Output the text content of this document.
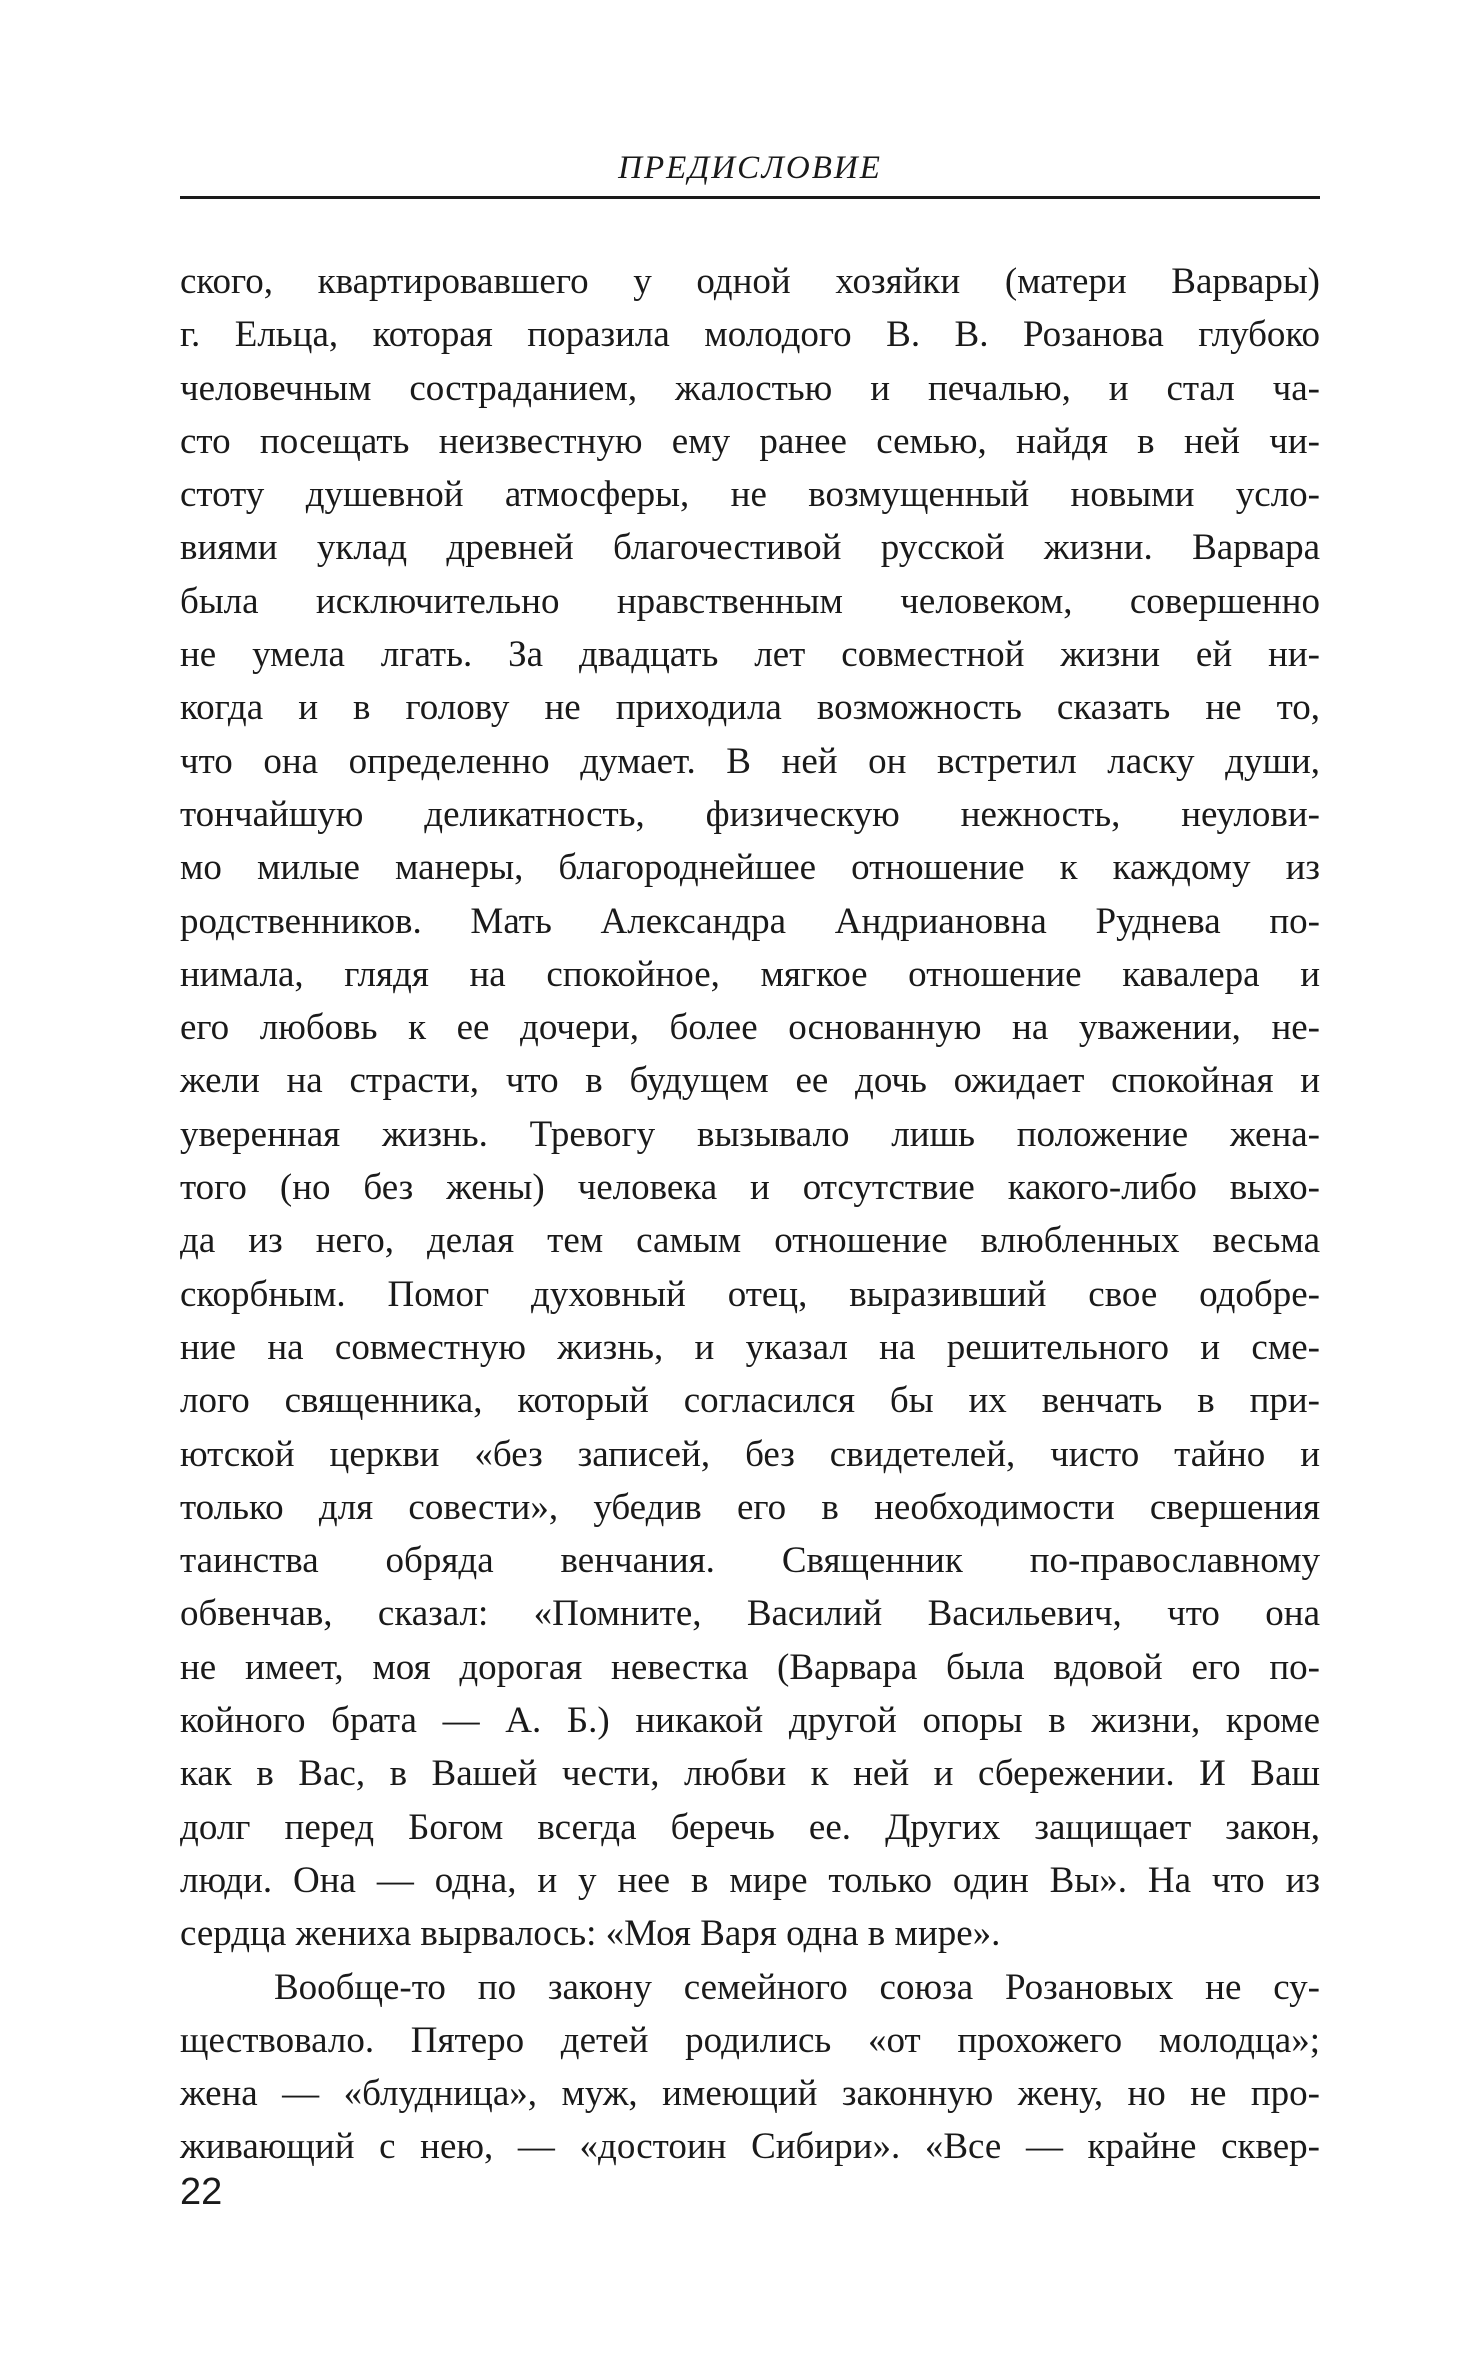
ПРЕДИСЛОВИЕ
ского, квартировавшего у одной хозяйки (матери Варвары)
г. Ельца, которая поразила молодого В. В. Розанова глубоко
человечным состраданием, жалостью и печалью, и стал ча-
сто посещать неизвестную ему ранее семью, найдя в ней чи-
стоту душевной атмосферы, не возмущенный новыми усло-
виями уклад древней благочестивой русской жизни. Варвара
была исключительно нравственным человеком, совершенно
не умела лгать. За двадцать лет совместной жизни ей ни-
когда и в голову не приходила возможность сказать не то,
что она определенно думает. В ней он встретил ласку души,
тончайшую деликатность, физическую нежность, неулови-
мо милые манеры, благороднейшее отношение к каждому из
родственников. Мать Александра Андриановна Руднева по-
нимала, глядя на спокойное, мягкое отношение кавалера и
его любовь к ее дочери, более основанную на уважении, не-
жели на страсти, что в будущем ее дочь ожидает спокойная и
уверенная жизнь. Тревогу вызывало лишь положение жена-
того (но без жены) человека и отсутствие какого-либо выхо-
да из него, делая тем самым отношение влюбленных весьма
скорбным. Помог духовный отец, выразивший свое одобре-
ние на совместную жизнь, и указал на решительного и сме-
лого священника, который согласился бы их венчать в при-
ютской церкви «без записей, без свидетелей, чисто тайно и
только для совести», убедив его в необходимости свершения
таинства обряда венчания. Священник по-православному
обвенчав, сказал: «Помните, Василий Васильевич, что она
не имеет, моя дорогая невестка (Варвара была вдовой его по-
койного брата — А. Б.) никакой другой опоры в жизни, кроме
как в Вас, в Вашей чести, любви к ней и сбережении. И Ваш
долг перед Богом всегда беречь ее. Других защищает закон,
люди. Она — одна, и у нее в мире только один Вы». На что из
сердца жениха вырвалось: «Моя Варя одна в мире».
Вообще-то по закону семейного союза Розановых не су-
ществовало. Пятеро детей родились «от прохожего молодца»;
жена — «блудница», муж, имеющий законную жену, но не про-
живающий с нею, — «достоин Сибири». «Все — крайне сквер-
22
